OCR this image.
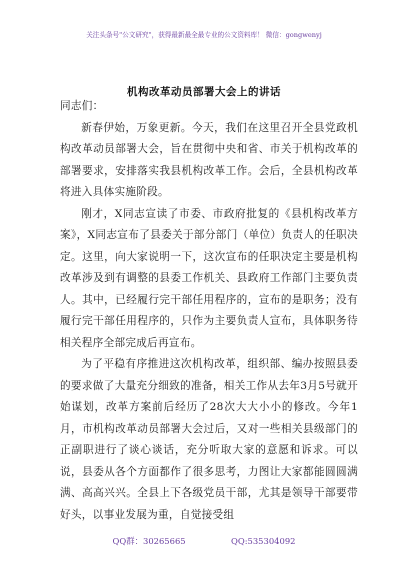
关注头条号"公文研究"，获得最新最全最专业的公文资料库！ 微信：gongwenyj
机构改革动员部署大会上的讲话

同志们：

新春伊始，万象更新。今天，我们在这里召开全县党政机构改革动员部署大会，旨在贯彻中央和省、市关于机构改革的部署要求，安排落实我县机构改革工作。会后，全县机构改革将进入具体实施阶段。

刚才，X同志宣读了市委、市政府批复的《县机构改革方案》，X同志宣布了县委关于部分部门（单位）负责人的任职决定。这里，向大家说明一下，这次宣布的任职决定主要是机构改革涉及到有调整的县委工作机关、县政府工作部门主要负责人。其中，已经履行完干部任用程序的，宣布的是职务；没有履行完干部任用程序的，只作为主要负责人宣布，具体职务待相关程序全部完成后再宣布。

为了平稳有序推进这次机构改革，组织部、编办按照县委的要求做了大量充分细致的准备，相关工作从去年3月5号就开始谋划，改革方案前后经历了28次大大小小的修改。今年1月，市机构改革动员部署大会过后，又对一些相关县级部门的正副职进行了谈心谈话，充分听取大家的意愿和诉求。可以说，县委从各个方面都作了很多思考，力图让大家都能圆圆满满、高高兴兴。全县上下各级党员干部，尤其是领导干部要带好头，以事业发展为重，自觉接受组

QQ群：30265665	QQ:535304092
